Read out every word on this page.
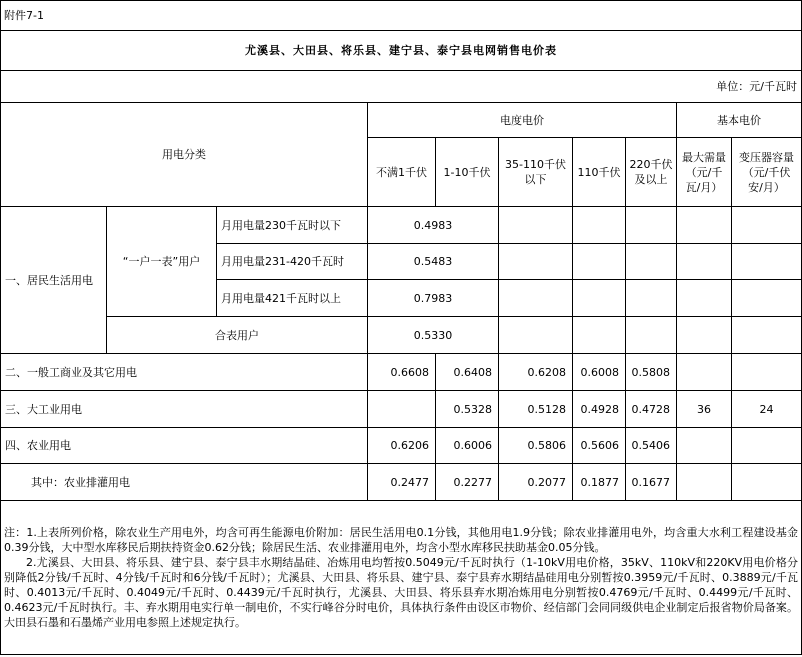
附件7-1									
尤溪县、大田县、将乐县、建宁县、泰宁县电网销售电价表									
单位：元/千瓦时									
用电分类			电度电价					基本电价	
			不满1千伏	1-10千伏	35-110千伏以下	110千伏	220千伏及以上	最大需量（元/千瓦/月）	变压器容量（元/千伏安/月）
一、居民生活用电	“一户一表”用户	月用电量230千瓦时以下	0.4983						
		月用电量231-420千瓦时	0.5483						
		月用电量421千瓦时以上	0.7983						
	合表用户		0.5330						
二、一般工商业及其它用电			0.6608	0.6408	0.6208	0.6008	0.5808		
三、大工业用电				0.5328	0.5128	0.4928	0.4728	36	24
四、农业用电			0.6206	0.6006	0.5806	0.5606	0.5406		
其中：农业排灌用电			0.2477	0.2277	0.2077	0.1877	0.1677		

注：1.上表所列价格，除农业生产用电外，均含可再生能源电价附加：居民生活用电0.1分钱，其他用电1.9分钱；除农业排灌用电外，均含重大水利工程建设基金0.39分钱，大中型水库移民后期扶持资金0.62分钱；除居民生活、农业排灌用电外，均含小型水库移民扶助基金0.05分钱。

2.尤溪县、大田县、将乐县、建宁县、泰宁县丰水期结晶硅、冶炼用电均暂按0.5049元/千瓦时执行（1-10kV用电价格，35kV、110kV和220KV用电价格分别降低2分钱/千瓦时、4分钱/千瓦时和6分钱/千瓦时）；尤溪县、大田县、将乐县、建宁县、泰宁县弃水期结晶硅用电分别暂按0.3959元/千瓦时、0.3889元/千瓦时、0.4013元/千瓦时、0.4049元/千瓦时、0.4439元/千瓦时执行，尤溪县、大田县、将乐县弃水期冶炼用电分别暂按0.4769元/千瓦时、0.4499元/千瓦时、0.4623元/千瓦时执行。丰、弃水期用电实行单一制电价，不实行峰谷分时电价，具体执行条件由设区市物价、经信部门会同同级供电企业制定后报省物价局备案。大田县石墨和石墨烯产业用电参照上述规定执行。									
